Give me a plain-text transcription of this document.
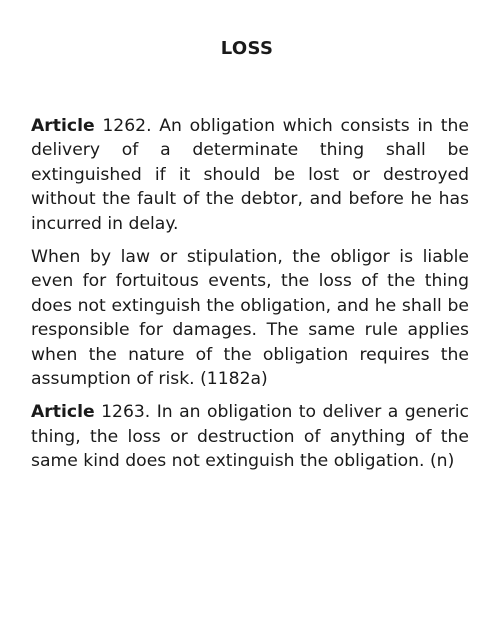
LOSS

Article 1262. An obligation which consists in the delivery of a determinate thing shall be extinguished if it should be lost or destroyed without the fault of the debtor, and before he has incurred in delay.

When by law or stipulation, the obligor is liable even for fortuitous events, the loss of the thing does not extinguish the obligation, and he shall be responsible for damages. The same rule applies when the nature of the obligation requires the assumption of risk. (1182a)

Article 1263. In an obligation to deliver a generic thing, the loss or destruction of anything of the same kind does not extinguish the obligation. (n)
